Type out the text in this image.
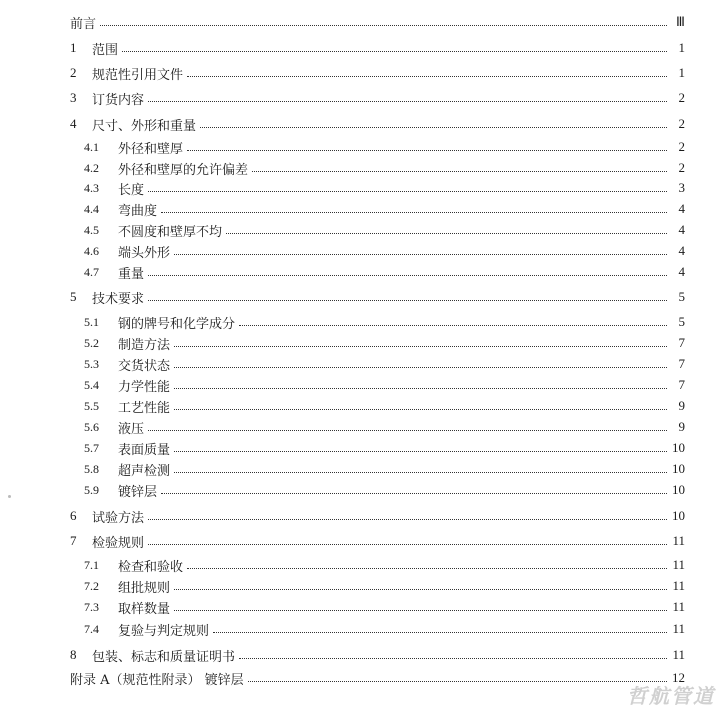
前言	Ⅲ
1	范围	1
2	规范性引用文件	1
3	订货内容	2
4	尺寸、外形和重量	2
4.1	外径和壁厚	2
4.2	外径和壁厚的允许偏差	2
4.3	长度	3
4.4	弯曲度	4
4.5	不圆度和壁厚不均	4
4.6	端头外形	4
4.7	重量	4
5	技术要求	5
5.1	钢的牌号和化学成分	5
5.2	制造方法	7
5.3	交货状态	7
5.4	力学性能	7
5.5	工艺性能	9
5.6	液压	9
5.7	表面质量	10
5.8	超声检测	10
5.9	镀锌层	10
6	试验方法	10
7	检验规则	11
7.1	检查和验收	11
7.2	组批规则	11
7.3	取样数量	11
7.4	复验与判定规则	11
8	包装、标志和质量证明书	11
附录 A（规范性附录） 镀锌层	12
哲航管道
